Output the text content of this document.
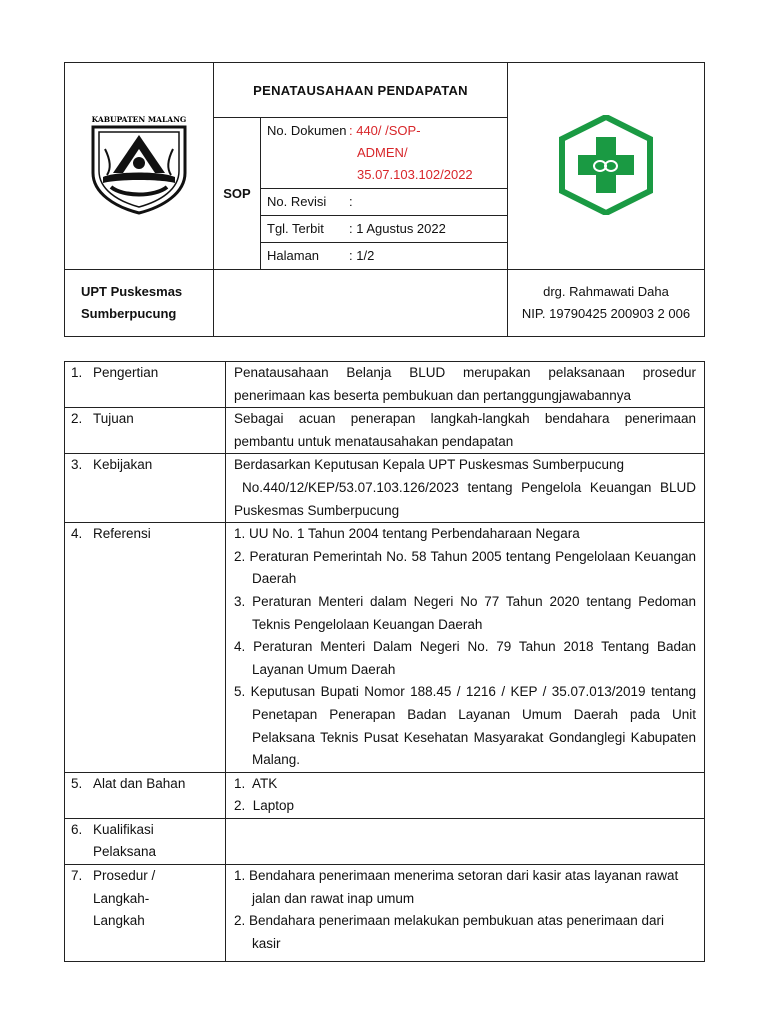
KABUPATEN MALANG	PENATAUSAHAAN PENDAPATAN	
	SOP	No. Dokumen : 440/ /SOP-
ADMEN/
35.07.103.102/2022	
		No. Revisi :	
		Tgl. Terbit : 1 Agustus 2022	
		Halaman : 1/2	
UPT Puskesmas
Sumberpucung			drg. Rahmawati Daha
NIP. 19790425 200903 2 006
1. Pengertian	Penatausahaan Belanja BLUD merupakan pelaksanaan prosedur penerimaan kas beserta pembukuan dan pertanggungjawabannya
2. Tujuan	Sebagai acuan penerapan langkah-langkah bendahara penerimaan pembantu untuk menatausahakan pendapatan
3. Kebijakan	Berdasarkan Keputusan Kepala UPT Puskesmas Sumberpucung
No.440/12/KEP/53.07.103.126/2023 tentang Pengelola Keuangan BLUD Puskesmas Sumberpucung

4. Referensi	1. UU No. 1 Tahun 2004 tentang Perbendaharaan Negara
2. Peraturan Pemerintah No. 58 Tahun 2005 tentang Pengelolaan Keuangan Daerah
3. Peraturan Menteri dalam Negeri No 77 Tahun 2020 tentang Pedoman Teknis Pengelolaan Keuangan Daerah
4. Peraturan Menteri Dalam Negeri No. 79 Tahun 2018 Tentang Badan Layanan Umum Daerah
5. Keputusan Bupati Nomor 188.45 / 1216 / KEP / 35.07.013/2019 tentang Penetapan Penerapan Badan Layanan Umum Daerah pada Unit Pelaksana Teknis Pusat Kesehatan Masyarakat Gondanglegi Kabupaten Malang.

5. Alat dan Bahan	1.  ATK
2.  Laptop

6. Kualifikasi Pelaksana	
7. Prosedur / Langkah-Langkah	1. Bendahara penerimaan menerima setoran dari kasir atas layanan rawat jalan dan rawat inap umum
2. Bendahara penerimaan melakukan pembukuan atas penerimaan dari kasir
